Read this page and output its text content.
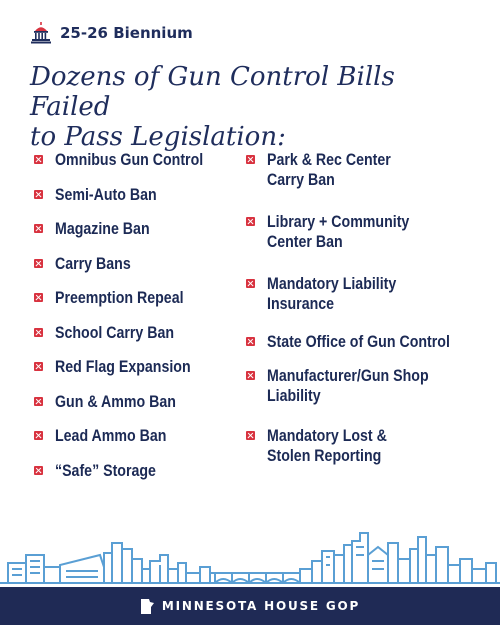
25-26 Biennium
Dozens of Gun Control Bills Failed
to Pass Legislation:
Omnibus Gun Control
Semi-Auto Ban
Magazine Ban
Carry Bans
Preemption Repeal
School Carry Ban
Red Flag Expansion
Gun & Ammo Ban
Lead Ammo Ban
“Safe” Storage
Park & Rec Center
Carry Ban
Library + Community
Center Ban
Mandatory Liability
Insurance
State Office of Gun Control
Manufacturer/Gun Shop
Liability
Mandatory Lost &
Stolen Reporting
MINNESOTA HOUSE GOP
